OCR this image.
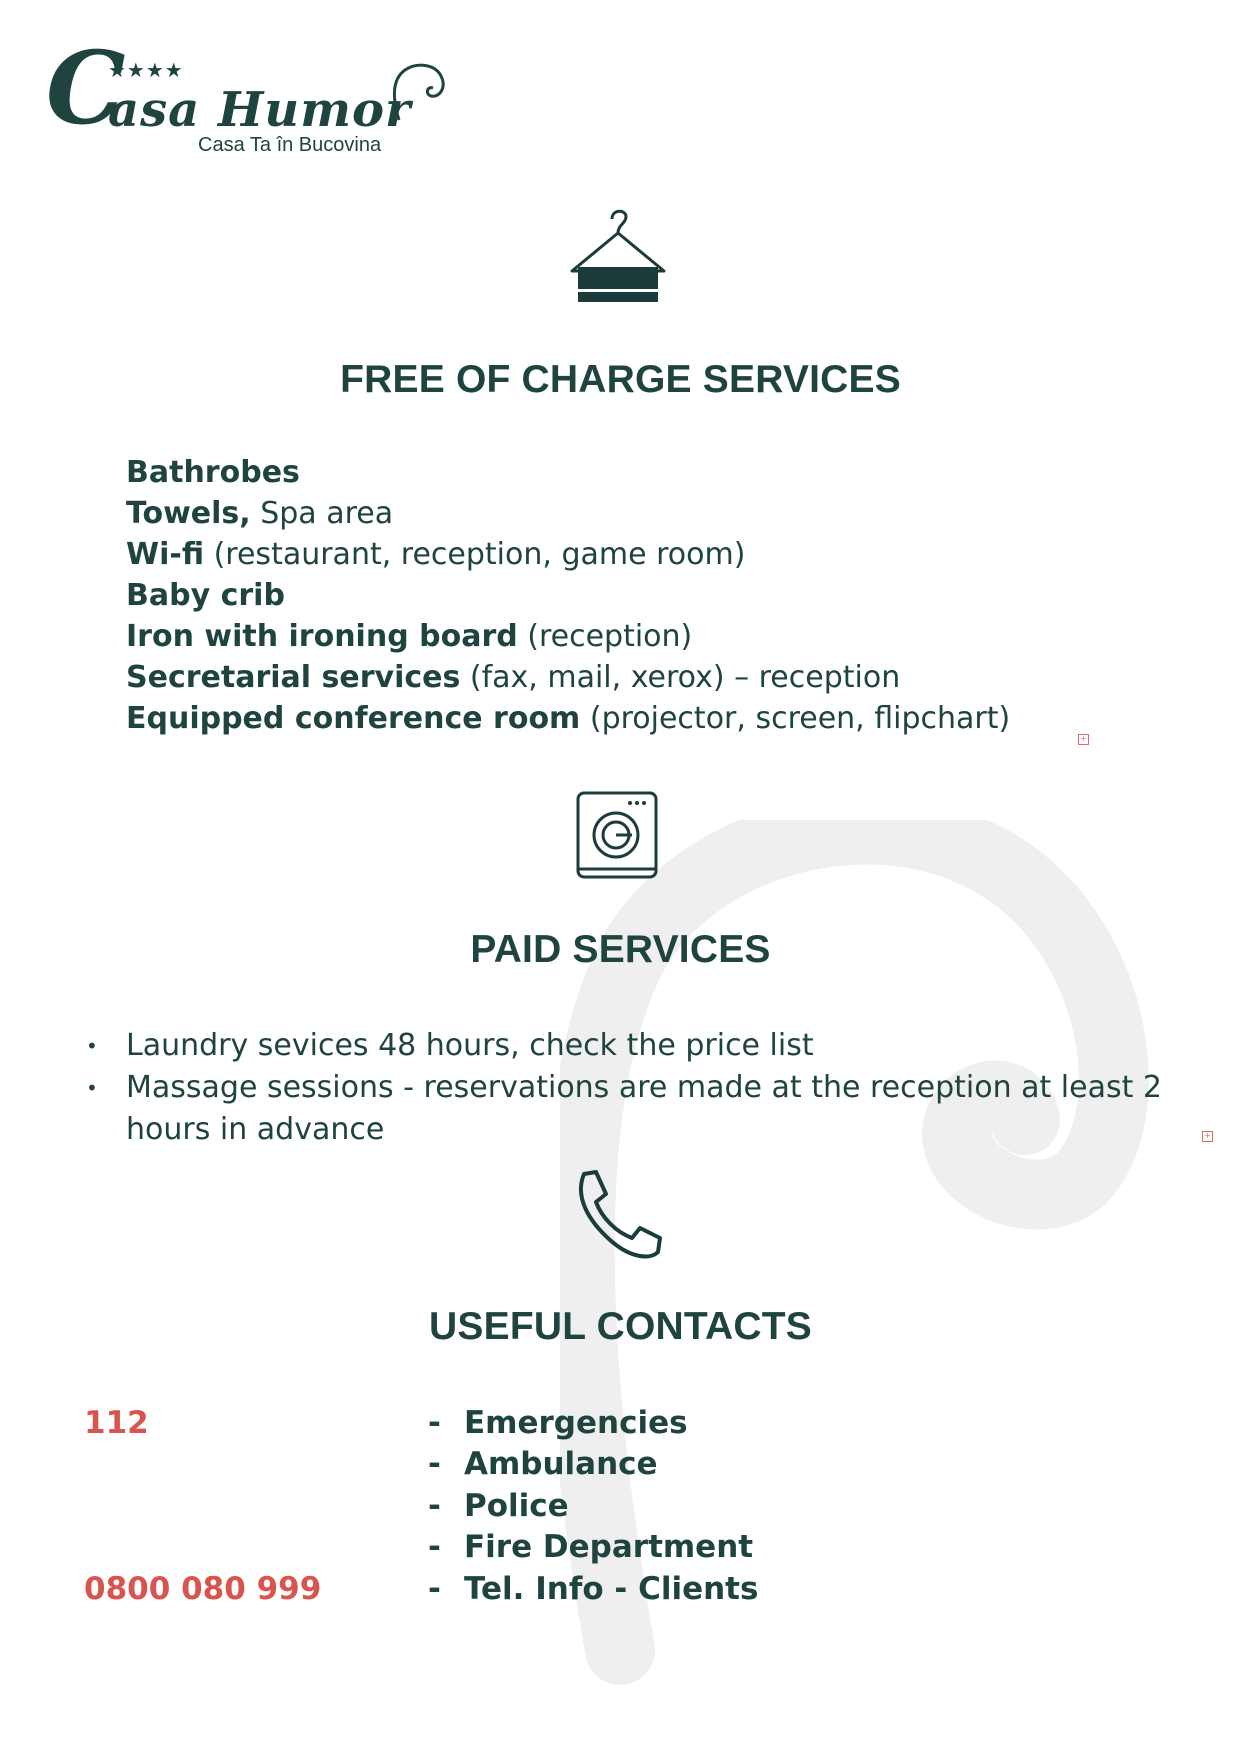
C
asa Humor
★★★★
Casa Ta în Bucovina
FREE OF CHARGE SERVICES
Bathrobes
Towels, Spa area
Wi-fi (restaurant, reception, game room)
Baby crib
Iron with ironing board (reception)
Secretarial services (fax, mail, xerox) – reception
Equipped conference room (projector, screen, flipchart)
+
PAID SERVICES
• Laundry sevices 48 hours, check the price list
• Massage sessions - reservations are made at the reception at least 2 hours in advance	+
USEFUL CONTACTS
112
0800 080 999
- Emergencies
- Ambulance
- Police
- Fire Department
- Tel. Info - Clients
